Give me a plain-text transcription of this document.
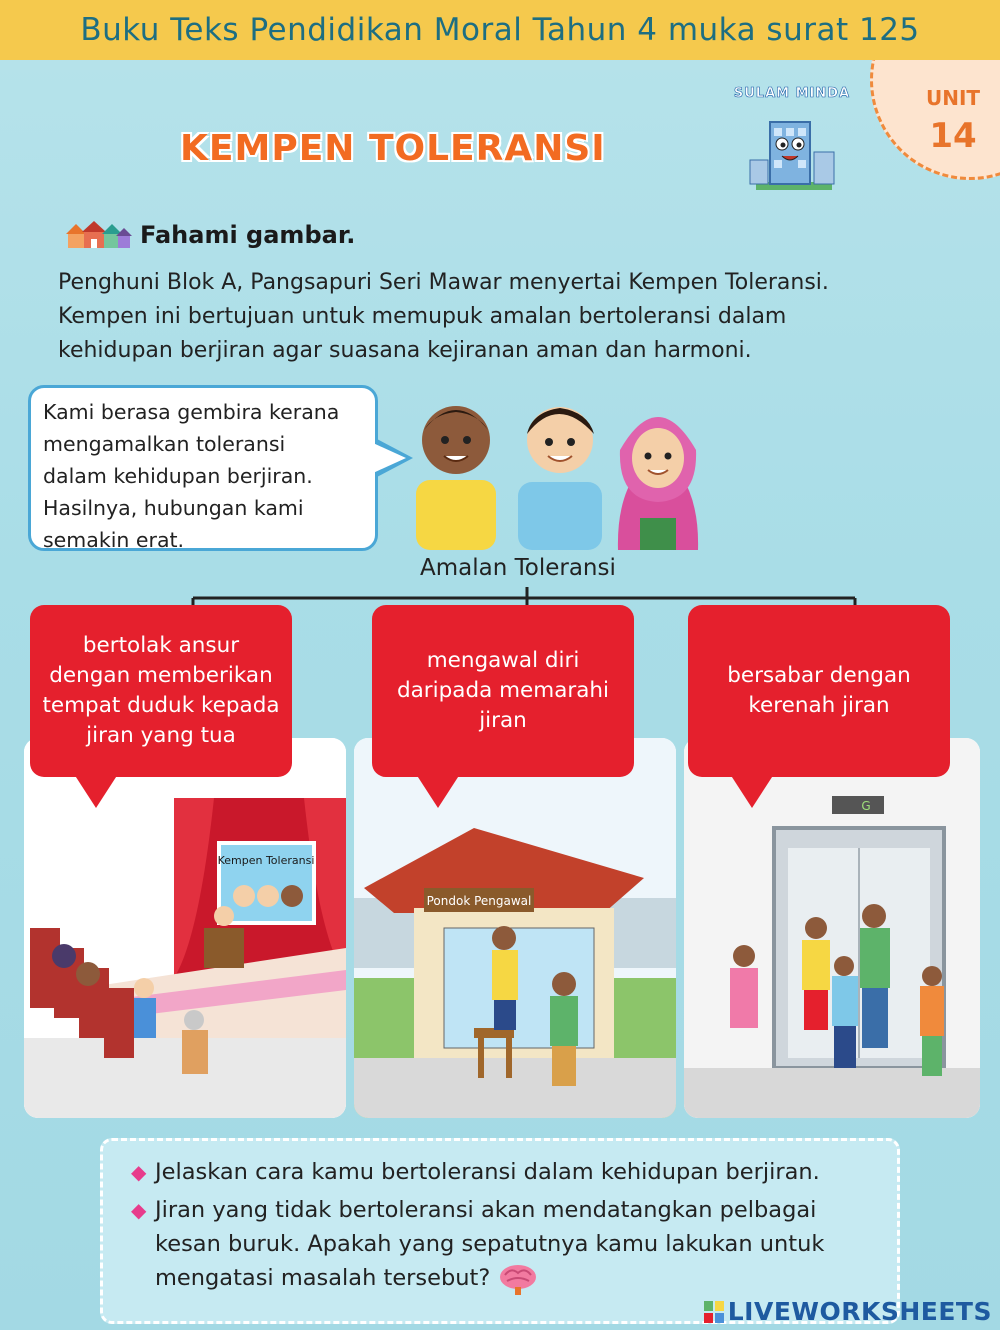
Buku Teks Pendidikan Moral Tahun 4 muka surat 125
UNIT
14
SULAM MINDA
KEMPEN TOLERANSI
Fahami gambar.

Penghuni Blok A, Pangsapuri Seri Mawar menyertai Kempen Toleransi.

Kempen ini bertujuan untuk memupuk amalan bertoleransi dalam

kehidupan berjiran agar suasana kejiranan aman dan harmoni.

Kami berasa gembira kerana
mengamalkan toleransi
dalam kehidupan berjiran.
Hasilnya, hubungan kami
semakin erat.
Amalan Toleransi
Kempen Toleransi
Pondok Pengawal
G
bertolak ansur
dengan memberikan
tempat duduk kepada
jiran yang tua
mengawal diri
daripada memarahi
jiran
bersabar dengan
kerenah jiran
◆ Jelaskan cara kamu bertoleransi dalam kehidupan berjiran.
◆ Jiran yang tidak bertoleransi akan mendatangkan pelbagai
kesan buruk. Apakah yang sepatutnya kamu lakukan untuk
mengatasi masalah tersebut?
LIVEWORKSHEETS
